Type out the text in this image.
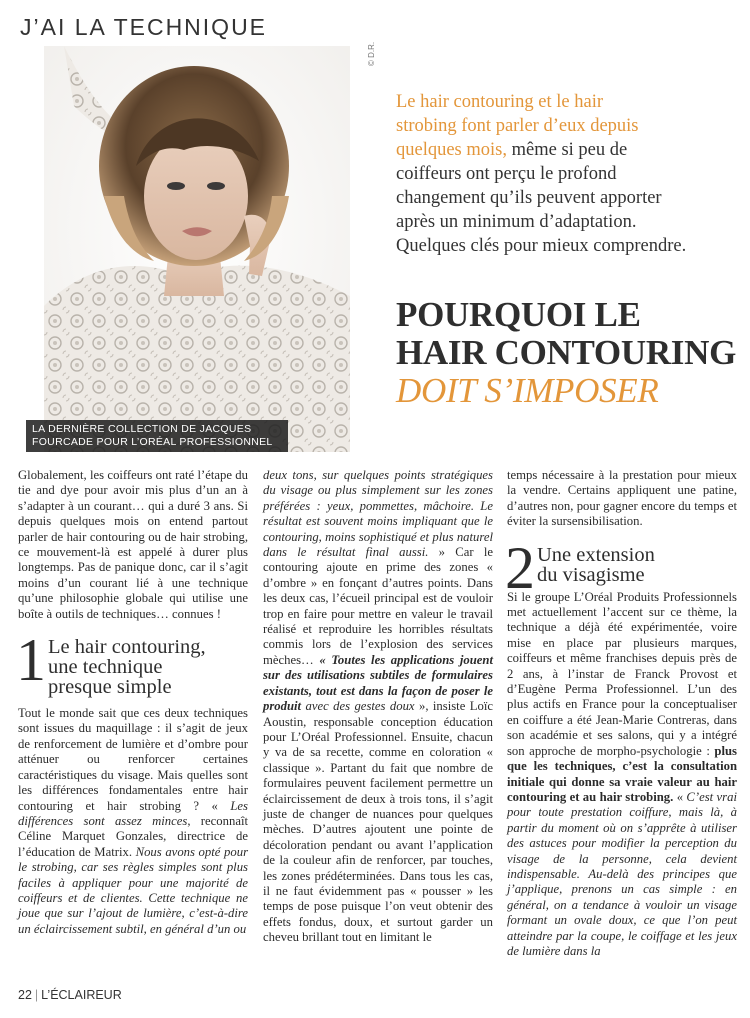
J’AI LA TECHNIQUE
© D.R.
LA DERNIÈRE COLLECTION DE JACQUES
FOURCADE POUR L’ORÉAL PROFESSIONNEL
Le hair contouring et le hair
strobing font parler d’eux depuis
quelques mois, même si peu de
coiffeurs ont perçu le profond
changement qu’ils peuvent apporter
après un minimum d’adaptation.
Quelques clés pour mieux comprendre.
POURQUOI LE
HAIR CONTOURING
DOIT S’IMPOSER

Globalement, les coiffeurs ont raté l’étape du tie and dye pour avoir mis plus d’un an à s’adapter à un courant… qui a duré 3 ans. Si depuis quelques mois on entend partout parler de hair contouring ou de hair strobing, ce mouvement-là est appelé à durer plus longtemps. Pas de panique donc, car il s’agit moins d’un courant lié à une technique qu’une philosophie globale qui utilise une boîte à outils de techniques… connues !

1 Le hair contouring,
une technique
presque simple

Tout le monde sait que ces deux techniques sont issues du maquillage : il s’agit de jeux de renforcement de lumière et d’ombre pour atténuer ou renforcer certaines caractéristiques du visage. Mais quelles sont les différences fondamentales entre hair contouring et hair strobing ? « Les différences sont assez minces, reconnaît Céline Marquet Gonzales, directrice de l’éducation de Matrix. Nous avons opté pour le strobing, car ses règles simples sont plus faciles à appliquer pour une majorité de coiffeurs et de clientes. Cette technique ne joue que sur l’ajout de lumière, c’est-à-dire un éclaircissement subtil, en général d’un ou

deux tons, sur quelques points stratégiques du visage ou plus simplement sur les zones préférées : yeux, pommettes, mâchoire. Le résultat est souvent moins impliquant que le contouring, moins sophistiqué et plus naturel dans le résultat final aussi. » Car le contouring ajoute en prime des zones « d’ombre » en fonçant d’autres points. Dans les deux cas, l’écueil principal est de vouloir trop en faire pour mettre en valeur le travail réalisé et reproduire les horribles résultats commis lors de l’explosion des services mèches… « Toutes les applications jouent sur des utilisations subtiles de formulaires existants, tout est dans la façon de poser le produit avec des gestes doux », insiste Loïc Aoustin, responsable conception éducation pour L’Oréal Professionnel. Ensuite, chacun y va de sa recette, comme en coloration « classique ». Partant du fait que nombre de formulaires peuvent facilement permettre un éclaircissement de deux à trois tons, il s’agit juste de changer de nuances pour quelques mèches. D’autres ajoutent une pointe de décoloration pendant ou avant l’application de la couleur afin de renforcer, par touches, les zones prédéterminées. Dans tous les cas, il ne faut évidemment pas « pousser » les temps de pose puisque l’on veut obtenir des effets fondus, doux, et surtout garder un cheveu brillant tout en limitant le

temps nécessaire à la prestation pour mieux la vendre. Certains appliquent une patine, d’autres non, pour gagner encore du temps et éviter la sursensibilisation.

2 Une extension
du visagisme

Si le groupe L’Oréal Produits Professionnels met actuellement l’accent sur ce thème, la technique a déjà été expérimentée, voire mise en place par plusieurs marques, coiffeurs et même franchises depuis près de 2 ans, à l’instar de Franck Provost et d’Eugène Perma Professionnel. L’un des plus actifs en France pour la conceptualiser en coiffure a été Jean-Marie Contreras, dans son académie et ses salons, qui y a intégré son approche de morpho-psychologie : plus que les techniques, c’est la consultation initiale qui donne sa vraie valeur au hair contouring et au hair strobing. « C’est vrai pour toute prestation coiffure, mais là, à partir du moment où on s’apprête à utiliser des astuces pour modifier la perception du visage de la personne, cela devient indispensable. Au-delà des principes que j’applique, prenons un cas simple : en général, on a tendance à vouloir un visage formant un ovale doux, ce que l’on peut atteindre par la coupe, le coiffage et les jeux de lumière dans la

22 | L’ÉCLAIREUR
